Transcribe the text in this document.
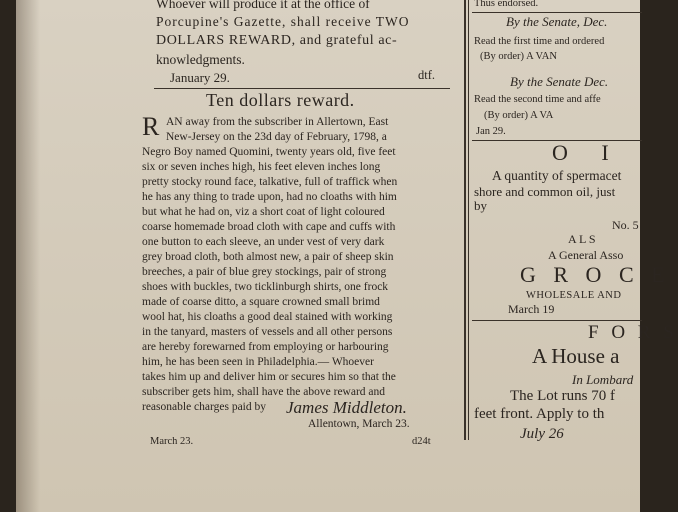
Whoever will produce it at the office of
Porcupine's Gazette, shall receive TWO
DOLLARS REWARD, and grateful ac-
knowledgments.
January 29.	dtf.
Ten dollars reward.
R AN away from the subscriber in Allertown, East
New-Jersey on the 23d day of February, 1798, a
Negro Boy named Quomini, twenty years old, five feet
six or seven inches high, his feet eleven inches long
pretty stocky round face, talkative, full of traffick when
he has any thing to trade upon, had no cloaths with him
but what he had on, viz a short coat of light coloured
coarse homemade broad cloth with cape and cuffs with
one button to each sleeve, an under vest of very dark
grey broad cloth, both almost new, a pair of sheep skin
breeches, a pair of blue grey stockings, pair of strong
shoes with buckles, two ticklinburgh shirts, one frock
made of coarse ditto, a square crowned small brimd
wool hat, his cloaths a good deal stained with working
in the tanyard, masters of vessels and all other persons
are hereby forewarned from employing or harbouring
him, he has been seen in Philadelphia.— Whoever
takes him up and deliver him or secures him so that the
subscriber gets him, shall have the above reward and
reasonable charges paid by James Middleton.
Allentown, March 23.
March 23.	d24t
Thus endorsed.
By the Senate, Dec.
Read the first time and ordered
(By order) A VAN
By the Senate Dec.
Read the second time and affe
(By order) A VA
Jan 29.
O I
A quantity of spermacet
shore and common oil, just
by
No. 5
A L S
A General Asso
G R O C E
WHOLESALE AND
March 19
F O R S
A House a
In Lombard
The Lot runs 70 f
feet front. Apply to th
July 26
